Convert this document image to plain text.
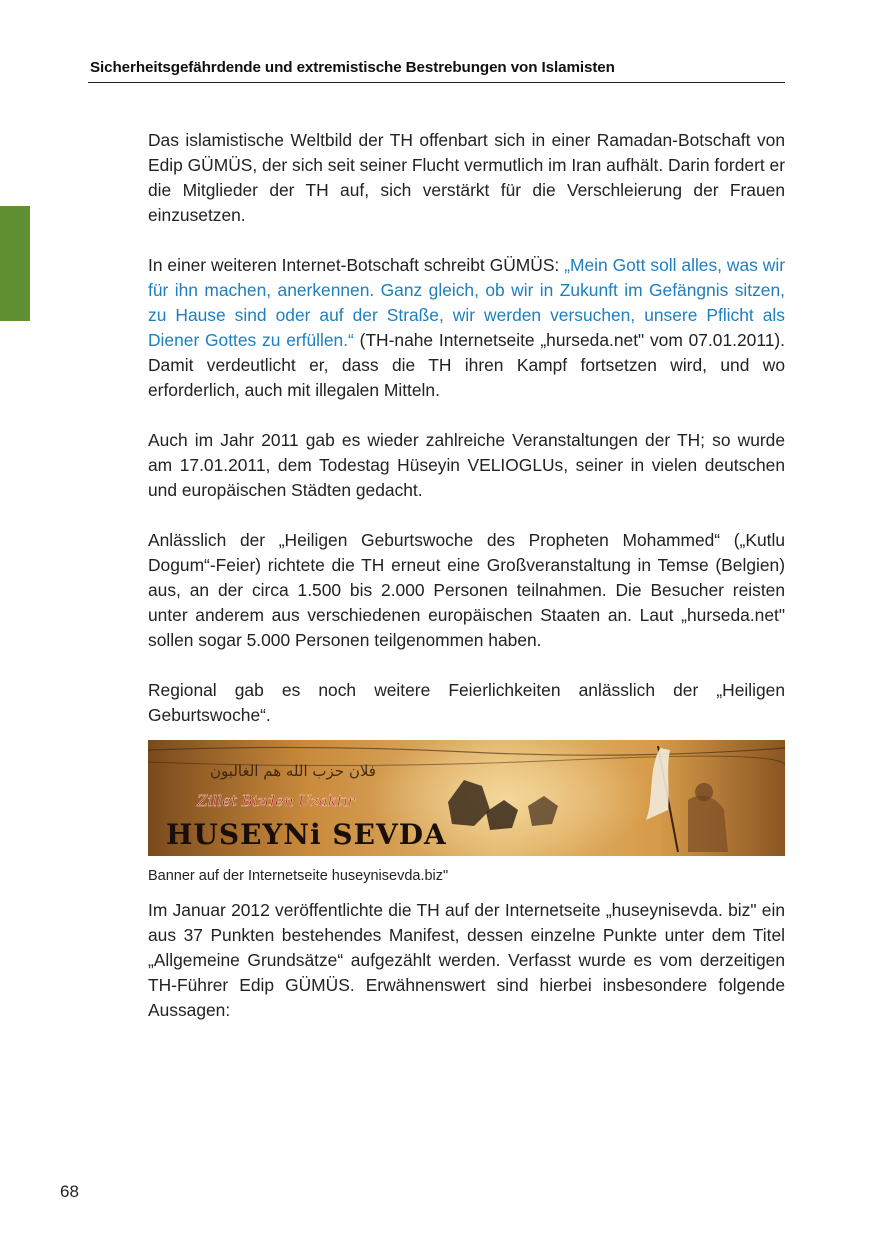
Sicherheitsgefährdende und extremistische Bestrebungen von Islamisten

Das islamistische Weltbild der TH offenbart sich in einer Ramadan-Botschaft von Edip GÜMÜS, der sich seit seiner Flucht vermutlich im Iran aufhält. Darin fordert er die Mitglieder der TH auf, sich verstärkt für die Verschleierung der Frauen einzusetzen.

In einer weiteren Internet-Botschaft schreibt GÜMÜS: „Mein Gott soll alles, was wir für ihn machen, anerkennen. Ganz gleich, ob wir in Zukunft im Gefängnis sitzen, zu Hause sind oder auf der Straße, wir werden versuchen, unsere Pflicht als Diener Gottes zu erfüllen.“ (TH-nahe Internetseite „hurseda.net" vom 07.01.2011). Damit verdeutlicht er, dass die TH ihren Kampf fortsetzen wird, und wo erforderlich, auch mit illegalen Mitteln.

Auch im Jahr 2011 gab es wieder zahlreiche Veranstaltungen der TH; so wurde am 17.01.2011, dem Todestag Hüseyin VELIOGLUs, seiner in vielen deutschen und europäischen Städten gedacht.

Anlässlich der „Heiligen Geburtswoche des Propheten Mohammed“ („Kutlu Dogum“-Feier) richtete die TH erneut eine Großveranstaltung in Temse (Belgien) aus, an der circa 1.500 bis 2.000 Personen teilnahmen. Die Besucher reisten unter anderem aus verschiedenen europäischen Staaten an. Laut „hurseda.net" sollen sogar 5.000 Personen teilgenommen haben.

Regional gab es noch weitere Feierlichkeiten anlässlich der „Heiligen Geburtswoche“.

فلان حزب الله هم الغالبون
Zillet Bizden Uzaktır
HUSEYNi SEVDA

Banner auf der Internetseite huseynisevda.biz"

Im Januar 2012 veröffentlichte die TH auf der Internetseite „huseynisevda. biz" ein aus 37 Punkten bestehendes Manifest, dessen einzelne Punkte unter dem Titel „Allgemeine Grundsätze“ aufgezählt werden. Verfasst wurde es vom derzeitigen TH-Führer Edip GÜMÜS. Erwähnenswert sind hierbei insbesondere folgende Aussagen:

68
